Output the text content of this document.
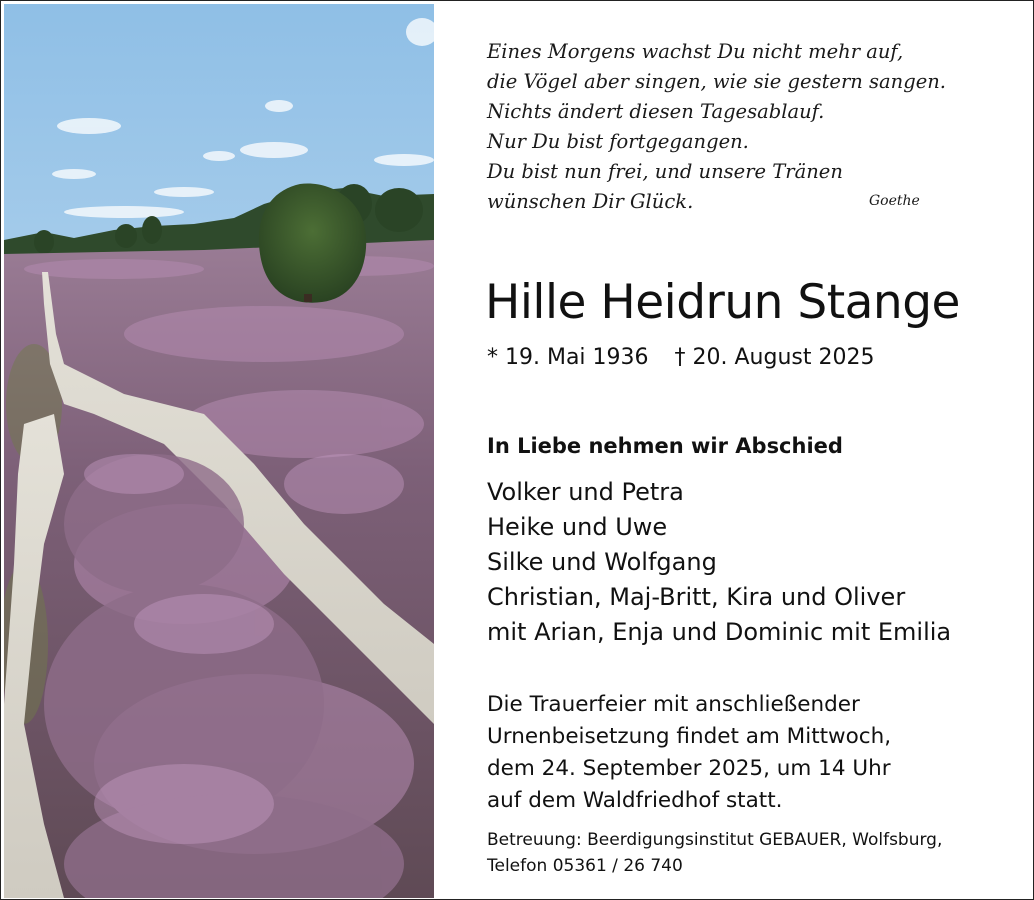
Eines Morgens wachst Du nicht mehr auf,
die Vögel aber singen, wie sie gestern sangen.
Nichts ändert diesen Tagesablauf.
Nur Du bist fortgegangen.
Du bist nun frei, und unsere Tränen
wünschen Dir Glück.	Goethe
Hille Heidrun Stange
* 19. Mai 1936 † 20. August 2025
In Liebe nehmen wir Abschied
Volker und Petra
Heike und Uwe
Silke und Wolfgang
Christian, Maj-Britt, Kira und Oliver
mit Arian, Enja und Dominic mit Emilia
Die Trauerfeier mit anschließender
Urnenbeisetzung findet am Mittwoch,
dem 24. September 2025, um 14 Uhr
auf dem Waldfriedhof statt.
Betreuung: Beerdigungsinstitut GEBAUER, Wolfsburg,
Telefon 05361 / 26 740
